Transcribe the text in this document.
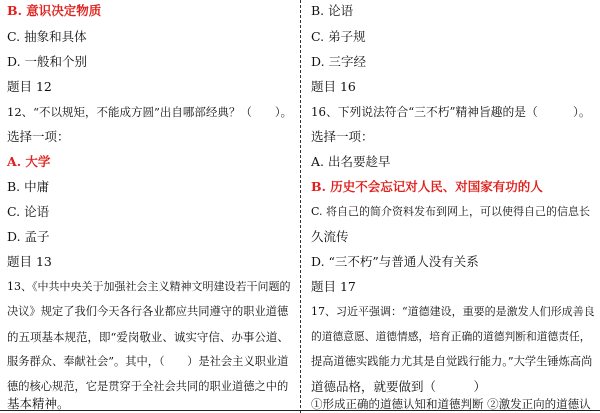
B. 意识决定物质
C. 抽象和具体
D. 一般和个别
题目 12
12、“不以规矩，不能成方圆”出自哪部经典？（　　）。
选择一项：
A. 大学
B. 中庸
C. 论语
D. 孟子
题目 13
13、《中共中央关于加强社会主义精神文明建设若干问题的
决议》规定了我们今天各行各业都应共同遵守的职业道德
的五项基本规范，即“爱岗敬业、诚实守信、办事公道、
服务群众、奉献社会”。其中，（　　）是社会主义职业道
德的核心规范，它是贯穿于全社会共同的职业道德之中的
基本精神。
B. 论语
C. 弟子规
D. 三字经
题目 16
16、下列说法符合“三不朽”精神旨趣的是（　　　）。
选择一项：
A. 出名要趁早
B. 历史不会忘记对人民、对国家有功的人
C. 将自己的简介资料发布到网上，可以使得自己的信息长
久流传
D. “三不朽”与普通人没有关系
题目 17
17、习近平强调：“道德建设，重要的是激发人们形成善良
的道德意愿、道德情感，培育正确的道德判断和道德责任，
提高道德实践能力尤其是自觉践行能力。”大学生锤炼高尚
道德品格，就要做到（　　　）
①形成正确的道德认知和道德判断 ②激发正向的道德认
